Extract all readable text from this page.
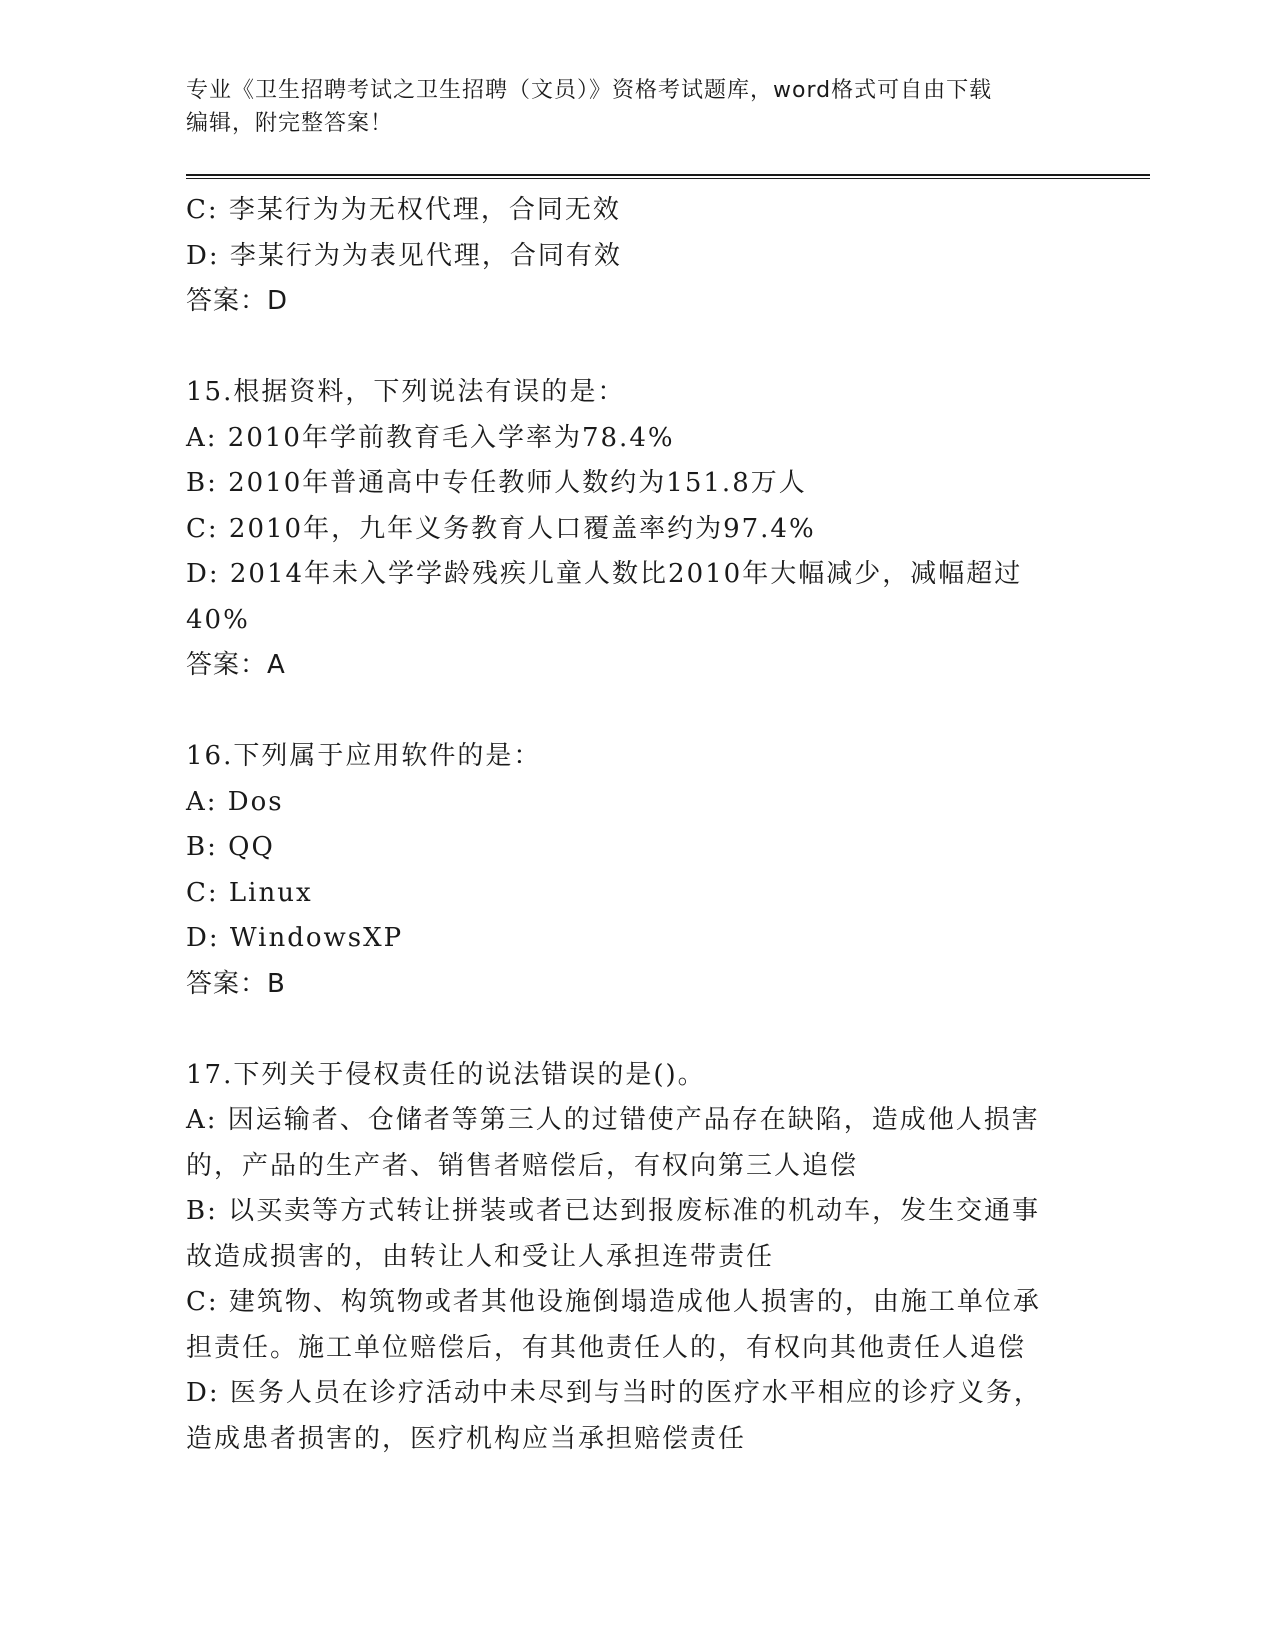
专业《卫生招聘考试之卫生招聘（文员）》资格考试题库，word格式可自由下载
编辑，附完整答案！
C: 李某行为为无权代理，合同无效
D: 李某行为为表见代理，合同有效
答案：D
15.根据资料，下列说法有误的是：
A: 2010年学前教育毛入学率为78.4%
B: 2010年普通高中专任教师人数约为151.8万人
C: 2010年，九年义务教育人口覆盖率约为97.4%
D: 2014年未入学学龄残疾儿童人数比2010年大幅减少，减幅超过
40%
答案：A
16.下列属于应用软件的是：
A: Dos
B: QQ
C: Linux
D: WindowsXP
答案：B
17.下列关于侵权责任的说法错误的是()。
A: 因运输者、仓储者等第三人的过错使产品存在缺陷，造成他人损害
的，产品的生产者、销售者赔偿后，有权向第三人追偿
B: 以买卖等方式转让拼装或者已达到报废标准的机动车，发生交通事
故造成损害的，由转让人和受让人承担连带责任
C: 建筑物、构筑物或者其他设施倒塌造成他人损害的，由施工单位承
担责任。施工单位赔偿后，有其他责任人的，有权向其他责任人追偿
D: 医务人员在诊疗活动中未尽到与当时的医疗水平相应的诊疗义务，
造成患者损害的，医疗机构应当承担赔偿责任
